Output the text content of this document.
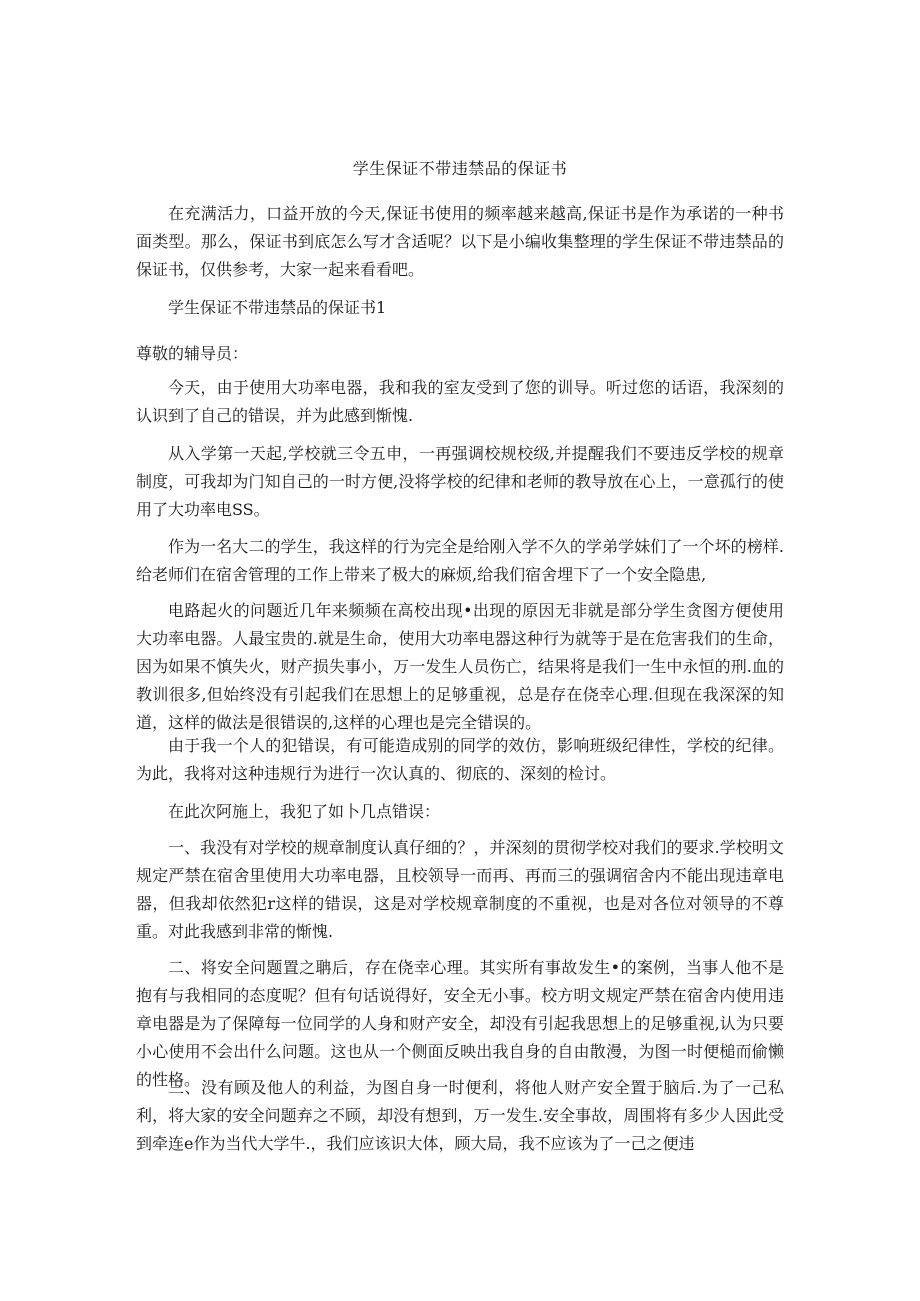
学生保证不带违禁品的保证书

在充满活力，口益开放的今天,保证书使用的频率越来越高,保证书是作为承诺的一种书面类型。那么，保证书到底怎么写才含适呢？以下是小编收集整理的学生保证不带违禁品的保证书，仅供参考，大家一起来看看吧。

学生保证不带违禁品的保证书1

尊敬的辅导员：

今天，由于使用大功率电器，我和我的室友受到了您的训导。听过您的话语，我深刻的认识到了自己的错误，并为此感到惭愧.

从入学第一天起,学校就三令五申，一再强调校规校级,并提醒我们不要违反学校的规章制度，可我却为门知自己的一时方便,没将学校的纪律和老师的教导放在心上，一意孤行的使用了大功率电SS。

作为一名大二的学生，我这样的行为完全是给刚入学不久的学弟学妹们了一个坏的榜样.给老师们在宿舍管理的工作上带来了极大的麻烦,给我们宿舍埋下了一个安全隐患,

电路起火的问题近几年来频频在高校出现•出现的原因无非就是部分学生贪图方便使用大功率电器。人最宝贵的.就是生命，使用大功率电器这种行为就等于是在危害我们的生命，因为如果不慎失火，财产损失事小，万一发生人员伤亡，结果将是我们一生中永恒的刑.血的教训很多,但始终没有引起我们在思想上的足够重视，总是存在侥幸心理.但现在我深深的知道，这样的做法是很错误的,这样的心理也是完全错误的。

由于我一个人的犯错误，有可能造成别的同学的效仿，影响班级纪律性，学校的纪律。为此，我将对这种违规行为进行一次认真的、彻底的、深刻的检讨。

在此次阿施上，我犯了如卜几点错误：

一、我没有对学校的规章制度认真仔细的？，并深刻的贯彻学校对我们的要求.学校明文规定严禁在宿舍里使用大功率电器，且校领导一而再、再而三的强调宿舍内不能出现违章电器，但我却依然犯r这样的错误，这是对学校规章制度的不重视，也是对各位对领导的不尊重。对此我感到非常的惭愧.

二、将安全问题置之聃后，存在侥幸心理。其实所有事故发生•的案例，当事人他不是抱有与我相同的态度呢？但有句话说得好，安全无小事。校方明文规定严禁在宿舍内使用违章电器是为了保障每一位同学的人身和财产安全，却没有引起我思想上的足够重视,认为只要小心使用不会出什么问题。这也从一个侧面反映出我自身的自由散漫，为图一时便槌而偷懒的性格。

三、没有顾及他人的利益，为图自身一时便利，将他人财产安全置于脑后.为了一己私利，将大家的安全问题弃之不顾，却没有想到，万一发生.安全事故，周围将有多少人因此受到牵连e作为当代大学牛.，我们应该识大体，顾大局，我不应该为了一己之便违
